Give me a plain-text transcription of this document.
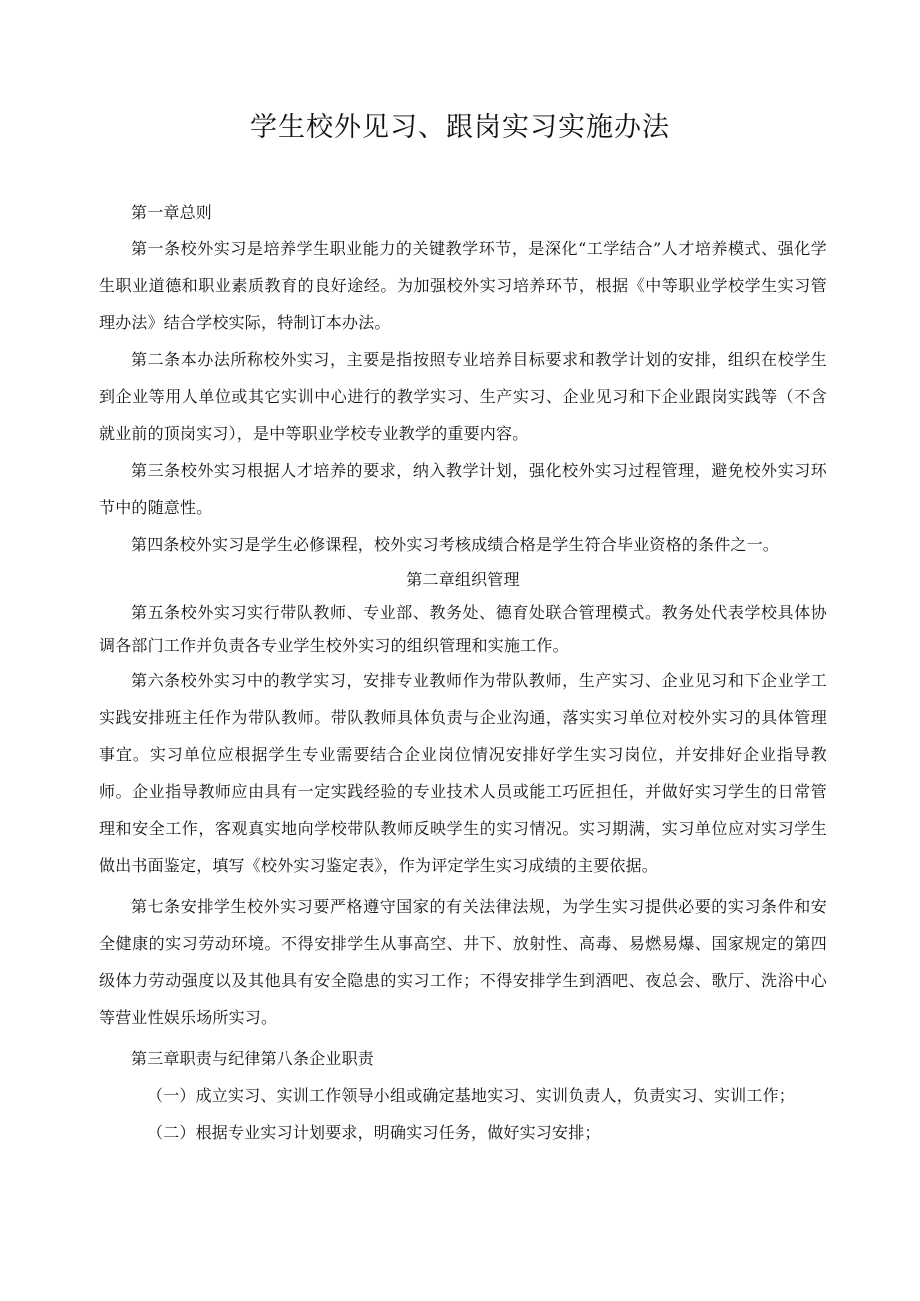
学生校外见习、跟岗实习实施办法

第一章总则

第一条校外实习是培养学生职业能力的关键教学环节，是深化“工学结合”人才培养模式、强化学生职业道德和职业素质教育的良好途经。为加强校外实习培养环节，根据《中等职业学校学生实习管理办法》结合学校实际，特制订本办法。

第二条本办法所称校外实习，主要是指按照专业培养目标要求和教学计划的安排，组织在校学生到企业等用人单位或其它实训中心进行的教学实习、生产实习、企业见习和下企业跟岗实践等（不含就业前的顶岗实习），是中等职业学校专业教学的重要内容。

第三条校外实习根据人才培养的要求，纳入教学计划，强化校外实习过程管理，避免校外实习环节中的随意性。

第四条校外实习是学生必修课程，校外实习考核成绩合格是学生符合毕业资格的条件之一。

第二章组织管理

第五条校外实习实行带队教师、专业部、教务处、德育处联合管理模式。教务处代表学校具体协调各部门工作并负责各专业学生校外实习的组织管理和实施工作。

第六条校外实习中的教学实习，安排专业教师作为带队教师，生产实习、企业见习和下企业学工实践安排班主任作为带队教师。带队教师具体负责与企业沟通，落实实习单位对校外实习的具体管理事宜。实习单位应根据学生专业需要结合企业岗位情况安排好学生实习岗位，并安排好企业指导教师。企业指导教师应由具有一定实践经验的专业技术人员或能工巧匠担任，并做好实习学生的日常管理和安全工作，客观真实地向学校带队教师反映学生的实习情况。实习期满，实习单位应对实习学生做出书面鉴定，填写《校外实习鉴定表》，作为评定学生实习成绩的主要依据。

第七条安排学生校外实习要严格遵守国家的有关法律法规，为学生实习提供必要的实习条件和安全健康的实习劳动环境。不得安排学生从事高空、井下、放射性、高毒、易燃易爆、国家规定的第四级体力劳动强度以及其他具有安全隐患的实习工作；不得安排学生到酒吧、夜总会、歌厅、洗浴中心等营业性娱乐场所实习。

第三章职责与纪律第八条企业职责

（一）成立实习、实训工作领导小组或确定基地实习、实训负责人，负责实习、实训工作；

（二）根据专业实习计划要求，明确实习任务，做好实习安排；
